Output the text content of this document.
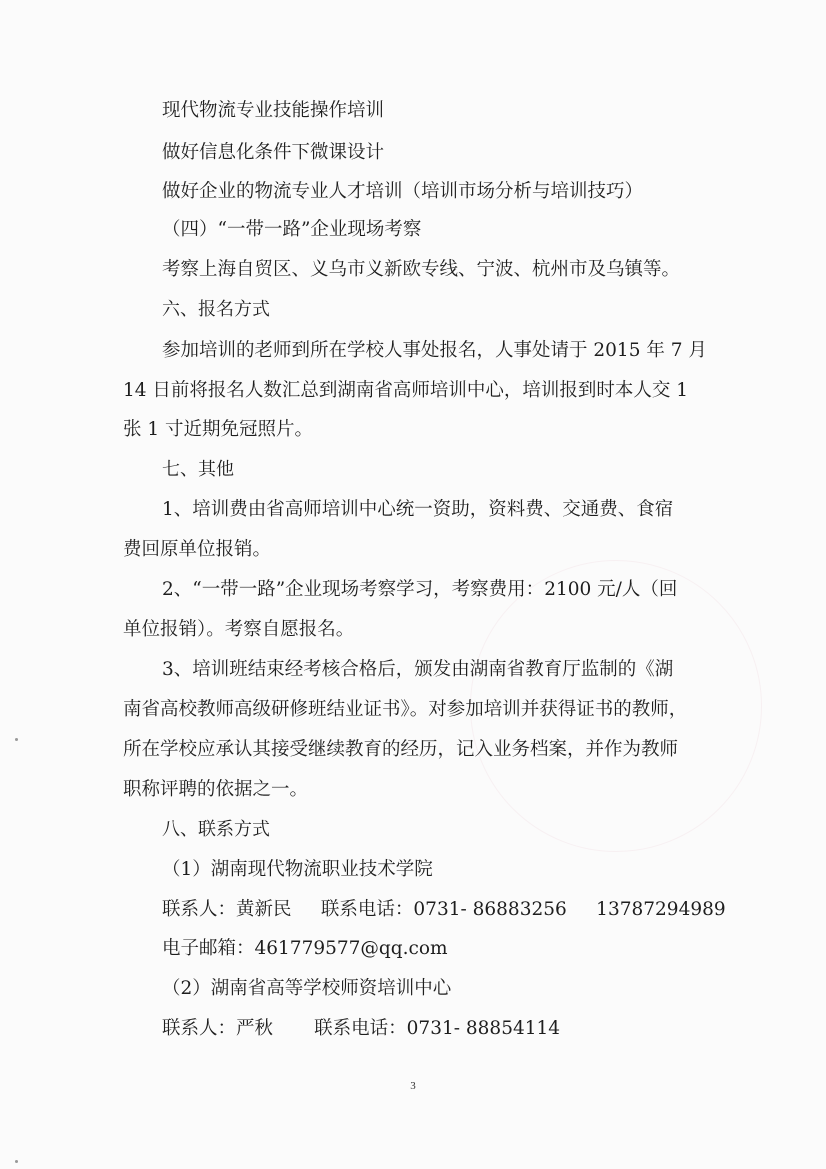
现代物流专业技能操作培训
做好信息化条件下微课设计
做好企业的物流专业人才培训（培训市场分析与培训技巧）
（四）“一带一路”企业现场考察
考察上海自贸区、义乌市义新欧专线、宁波、杭州市及乌镇等。
六、报名方式
参加培训的老师到所在学校人事处报名，人事处请于 2015 年 7 月
14 日前将报名人数汇总到湖南省高师培训中心，培训报到时本人交 1
张 1 寸近期免冠照片。
七、其他
1、培训费由省高师培训中心统一资助，资料费、交通费、食宿
费回原单位报销。
2、“一带一路”企业现场考察学习，考察费用：2100 元/人（回
单位报销）。考察自愿报名。
3、培训班结束经考核合格后，颁发由湖南省教育厅监制的《湖
南省高校教师高级研修班结业证书》。对参加培训并获得证书的教师，
所在学校应承认其接受继续教育的经历，记入业务档案，并作为教师
职称评聘的依据之一。
八、联系方式
（1）湖南现代物流职业技术学院
联系人：黄新民     联系电话：0731- 86883256     13787294989
电子邮箱：461779577@qq.com
（2）湖南省高等学校师资培训中心
联系人：严秋       联系电话：0731- 88854114
3
